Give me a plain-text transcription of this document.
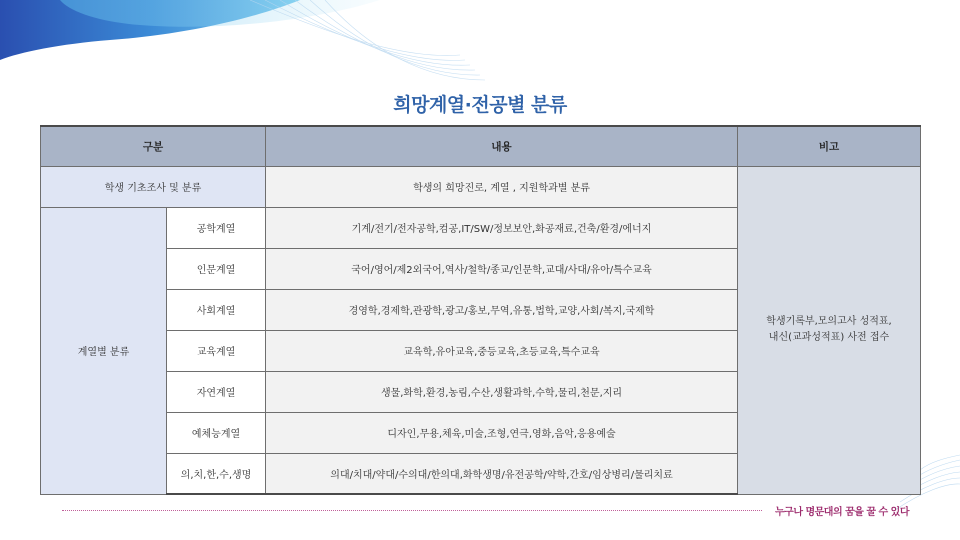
희망계열·전공별 분류
구분		내용	비고
학생 기초조사 및 분류		학생의 희망진로, 계열 , 지원학과별 분류	학생기록부,모의고사 성적표,
내신(교과성적표) 사전 접수
계열별 분류	공학계열	기계/전기/전자공학,컴공,IT/SW/정보보안,화공재료,건축/환경/에너지	
	인문계열	국어/영어/제2외국어,역사/철학/종교/인문학,교대/사대/유아/특수교육	
	사회계열	경영학,경제학,관광학,광고/홍보,무역,유통,법학,교양,사회/복지,국제학	
	교육계열	교육학,유아교육,중등교육,초등교육,특수교육	
	자연계열	생물,화학,환경,농림,수산,생활과학,수학,물리,천문,지리	
	예체능계열	디자인,무용,체육,미술,조형,연극,영화,음악,응용예술	
	의,치,한,수,생명	의대/치대/약대/수의대/한의대,화학생명/유전공학/약학,간호/임상병리/물리치료	
누구나 명문대의 꿈을 꿀 수 있다
